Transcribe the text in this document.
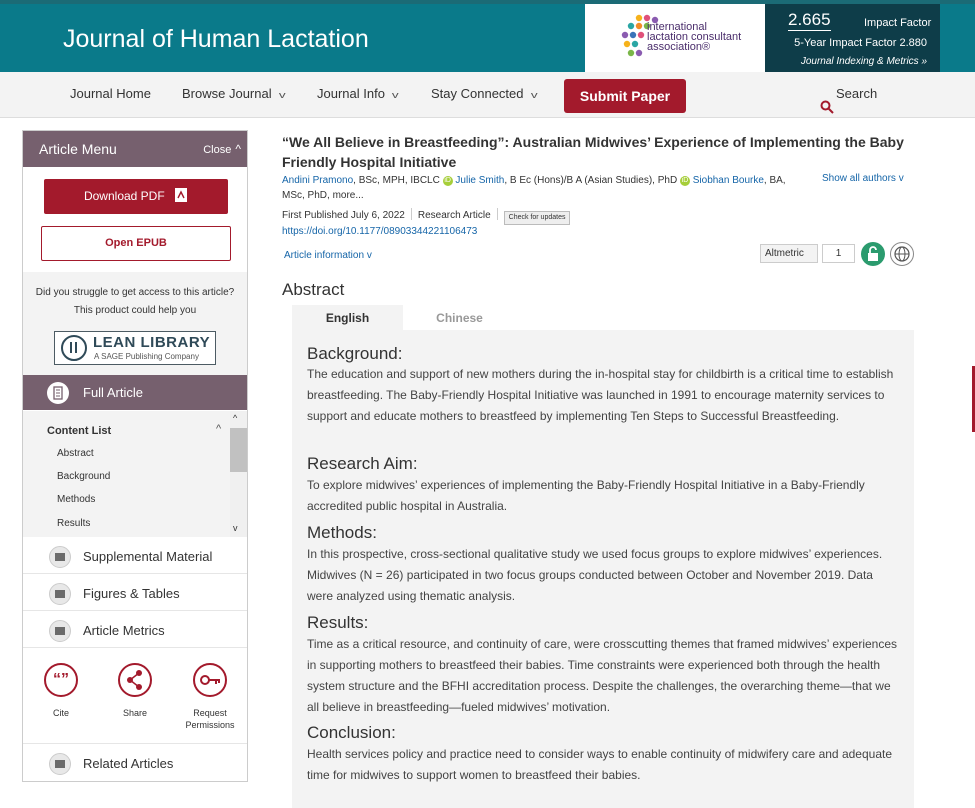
Journal of Human Lactation	international
lactation consultant
association®
2.665	Impact Factor
5-Year Impact Factor 2.880
Journal Indexing & Metrics »
Journal Home Browse Journal v Journal Info v Stay Connected v	Submit Paper	Search
Article Menu	Close ^
Download PDF
Open EPUB
Did you struggle to get access to this article? This product could help you
LEAN LIBRARY
A SAGE Publishing Company
Full Article
Content List	^
Abstract
Background
Methods
Results
^
v
Supplemental Material
Figures & Tables
Article Metrics
“”
Cite	Share	Request Permissions
Related Articles
“We All Believe in Breastfeeding”: Australian Midwives’ Experience of Implementing the Baby Friendly Hospital Initiative
Andini Pramono, BSc, MPH, IBCLC iD Julie Smith, B Ec (Hons)/B A (Asian Studies), PhD iD Siobhan Bourke, BA, MSc, PhD, more...
Show all authors v
First Published July 6, 2022 Research Article	Check for updates
https://doi.org/10.1177/08903344221106473
Article information v	Altmetric	1
Abstract
English	Chinese
Background:
The education and support of new mothers during the in-hospital stay for childbirth is a critical time to establish breastfeeding. The Baby-Friendly Hospital Initiative was launched in 1991 to encourage maternity services to support and educate mothers to breastfeed by implementing Ten Steps to Successful Breastfeeding.
Research Aim:
To explore midwives’ experiences of implementing the Baby-Friendly Hospital Initiative in a Baby-Friendly accredited public hospital in Australia.
Methods:
In this prospective, cross-sectional qualitative study we used focus groups to explore midwives’ experiences. Midwives (N = 26) participated in two focus groups conducted between October and November 2019. Data were analyzed using thematic analysis.
Results:
Time as a critical resource, and continuity of care, were crosscutting themes that framed midwives’ experiences in supporting mothers to breastfeed their babies. Time constraints were experienced both through the health system structure and the BFHI accreditation process. Despite the challenges, the overarching theme—that we all believe in breastfeeding—fueled midwives’ motivation.
Conclusion:
Health services policy and practice need to consider ways to enable continuity of midwifery care and adequate time for midwives to support women to breastfeed their babies.
